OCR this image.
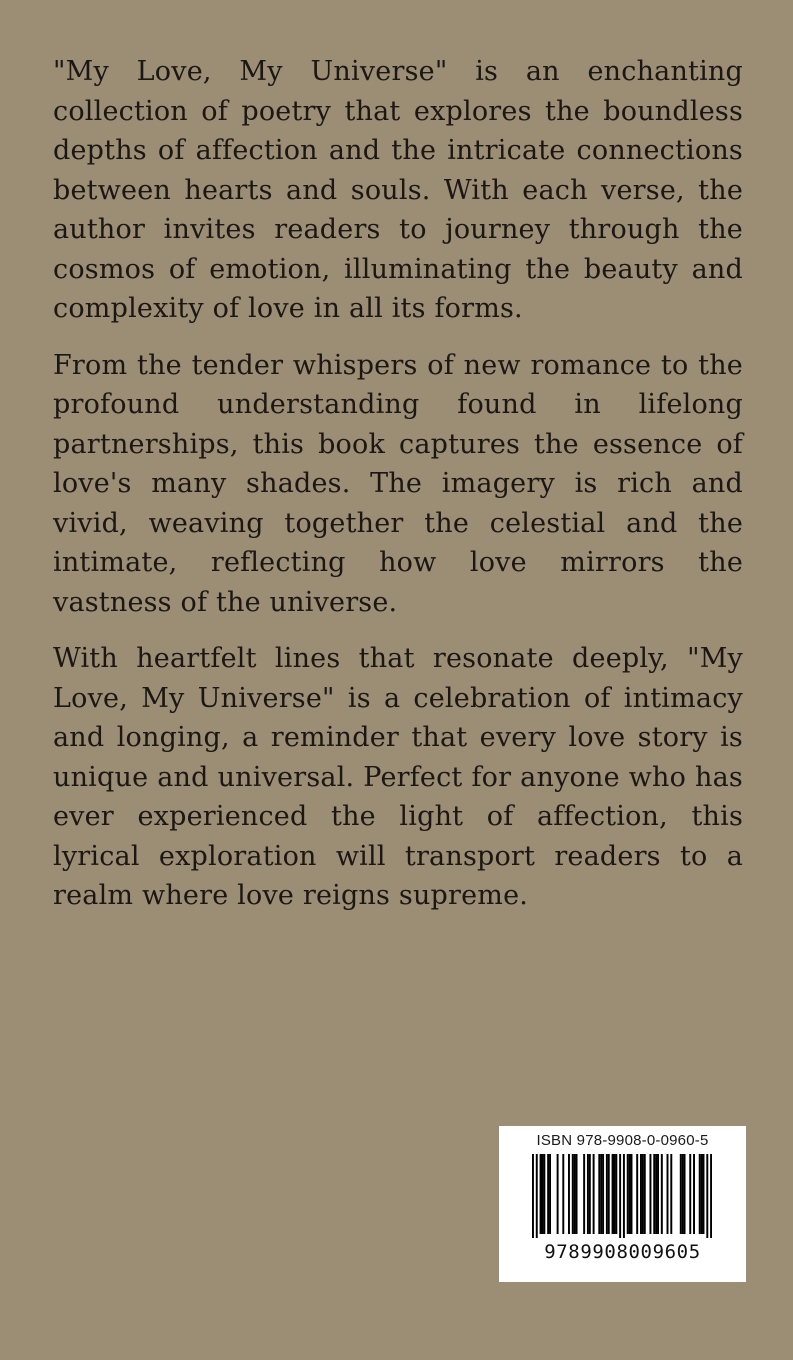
"My Love, My Universe" is an enchanting collection of poetry that explores the boundless depths of affection and the intricate connections between hearts and souls. With each verse, the author invites readers to journey through the cosmos of emotion, illuminating the beauty and complexity of love in all its forms.

From the tender whispers of new romance to the profound understanding found in lifelong partnerships, this book captures the essence of love's many shades. The imagery is rich and vivid, weaving together the celestial and the intimate, reflecting how love mirrors the vastness of the universe.

With heartfelt lines that resonate deeply, "My Love, My Universe" is a celebration of intimacy and longing, a reminder that every love story is unique and universal. Perfect for anyone who has ever experienced the light of affection, this lyrical exploration will transport readers to a realm where love reigns supreme.

ISBN 978-9908-0-0960-5
9789908009605
